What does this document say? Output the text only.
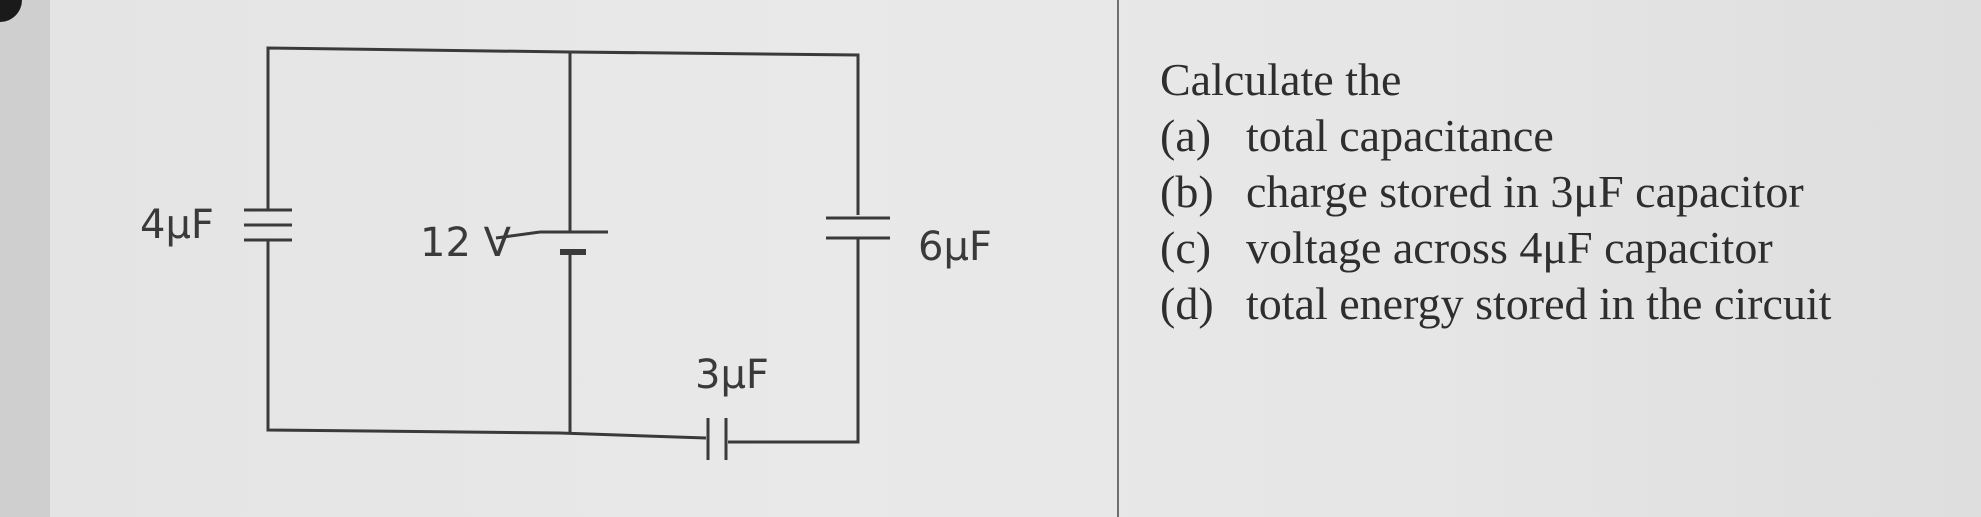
4μF	12 V	6μF
3μF
Calculate the
(a) total capacitance
(b) charge stored in 3μF capacitor
(c) voltage across 4μF capacitor
(d) total energy stored in the circuit
